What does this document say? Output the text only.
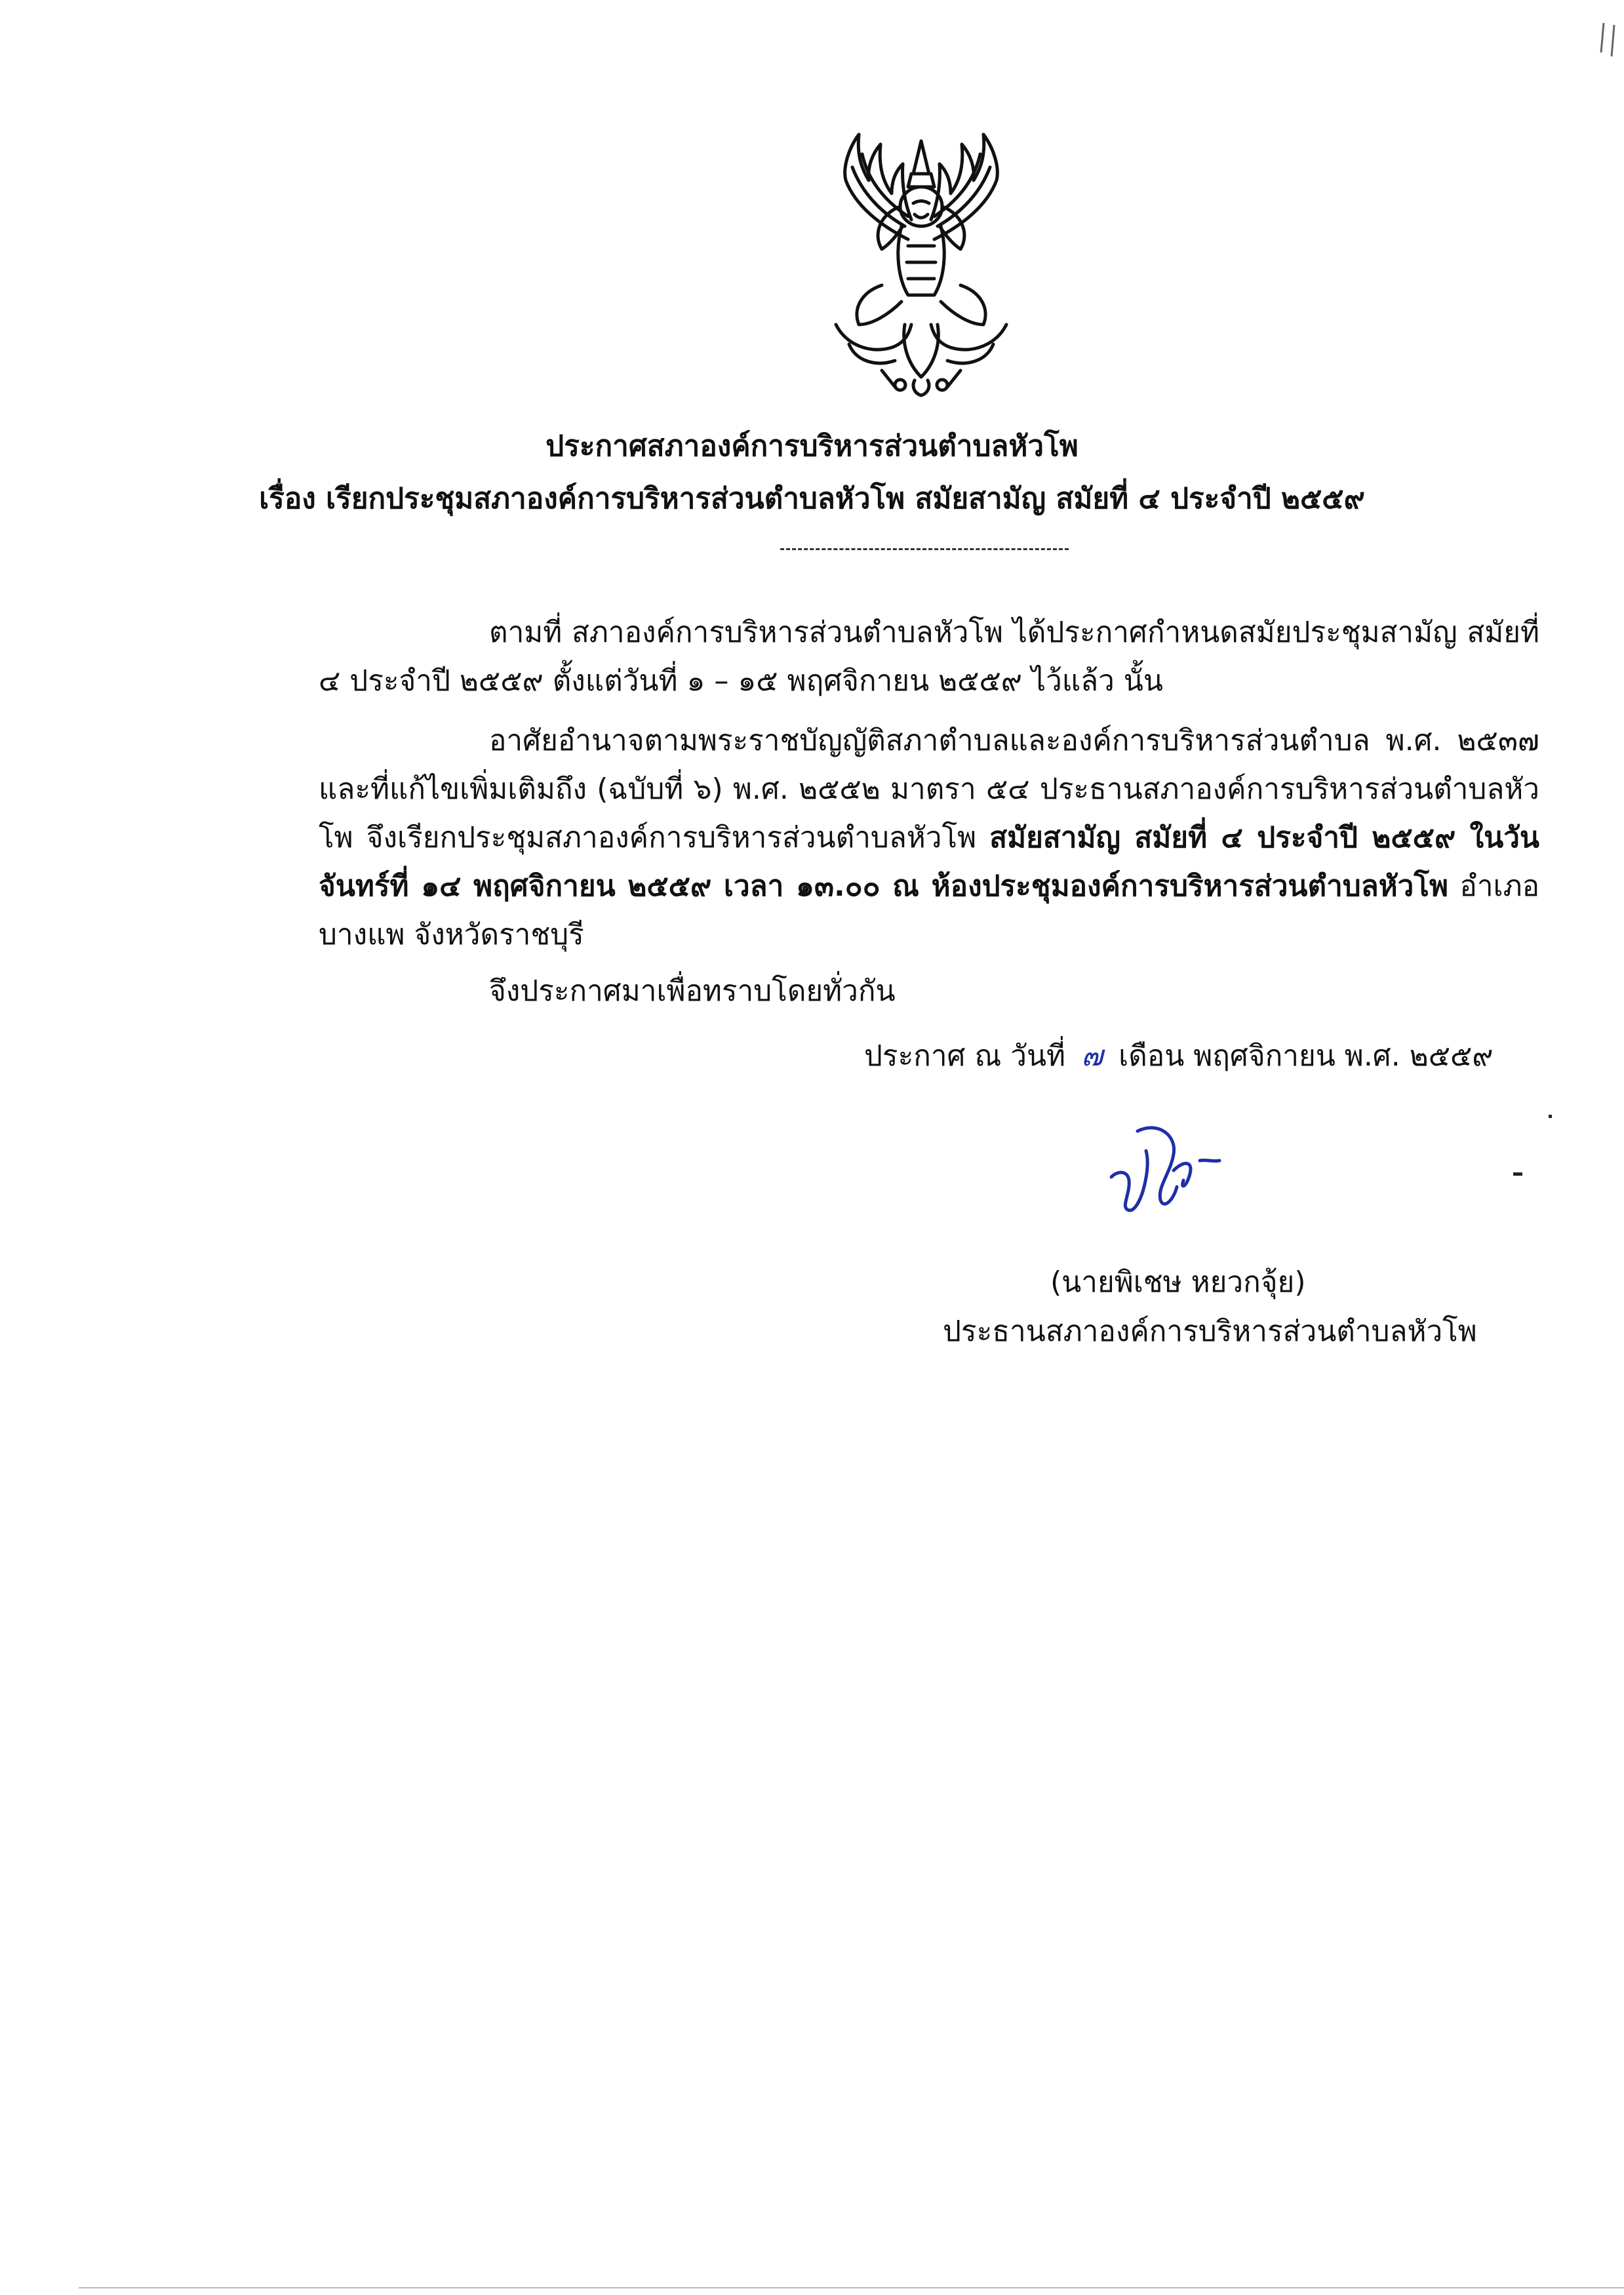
ประกาศสภาองค์การบริหารส่วนตำบลหัวโพ
เรื่อง เรียกประชุมสภาองค์การบริหารส่วนตำบลหัวโพ สมัยสามัญ สมัยที่ ๔ ประจำปี ๒๕๕๙
ตามที่ สภาองค์การบริหารส่วนตำบลหัวโพ ได้ประกาศกำหนดสมัยประชุมสามัญ สมัยที่ ๔ ประจำปี ๒๕๕๙ ตั้งแต่วันที่ ๑ – ๑๕ พฤศจิกายน ๒๕๕๙ ไว้แล้ว นั้น
อาศัยอำนาจตามพระราชบัญญัติสภาตำบลและองค์การบริหารส่วนตำบล พ.ศ. ๒๕๓๗ และที่แก้ไขเพิ่มเติมถึง (ฉบับที่ ๖) พ.ศ. ๒๕๕๒ มาตรา ๕๔ ประธานสภาองค์การบริหารส่วนตำบลหัวโพ จึงเรียกประชุมสภาองค์การบริหารส่วนตำบลหัวโพ สมัยสามัญ สมัยที่ ๔ ประจำปี ๒๕๕๙ ในวันจันทร์ที่ ๑๔ พฤศจิกายน ๒๕๕๙ เวลา ๑๓.๐๐ ณ ห้องประชุมองค์การบริหารส่วนตำบลหัวโพ อำเภอบางแพ จังหวัดราชบุรี
จึงประกาศมาเพื่อทราบโดยทั่วกัน
ประกาศ ณ วันที่ ๗ เดือน พฤศจิกายน พ.ศ. ๒๕๕๙
(นายพิเชษ หยวกจุ้ย)
ประธานสภาองค์การบริหารส่วนตำบลหัวโพ
